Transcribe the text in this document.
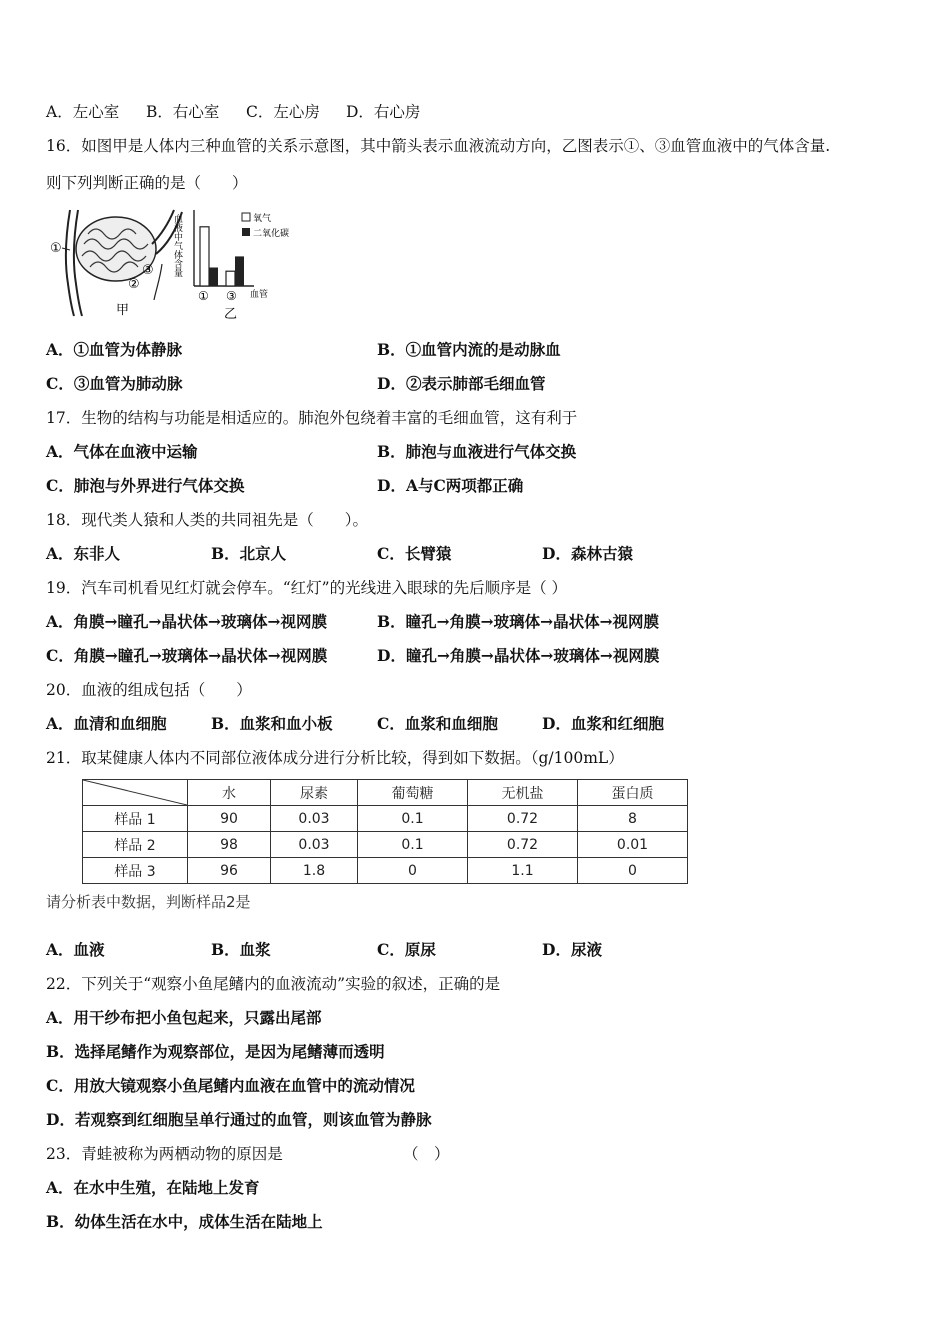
A．左心室 B．右心室 C．左心房 D．右心房
16．如图甲是人体内三种血管的关系示意图，其中箭头表示血液流动方向，乙图表示①、③血管血液中的气体含量.
则下列判断正确的是（　　）
①
②
③
甲
血液中气体含量
① ③ 血管
氧气
二氧化碳
乙
A．①血管为体静脉	B．①血管内流的是动脉血
C．③血管为肺动脉	D．②表示肺部毛细血管
17．生物的结构与功能是相适应的。肺泡外包绕着丰富的毛细血管，这有利于
A．气体在血液中运输	B．肺泡与血液进行气体交换
C．肺泡与外界进行气体交换	D．A与C两项都正确
18．现代类人猿和人类的共同祖先是（　　）。
A．东非人	B．北京人	C．长臂猿	D．森林古猿
19．汽车司机看见红灯就会停车。“红灯”的光线进入眼球的先后顺序是（ ）
A．角膜→瞳孔→晶状体→玻璃体→视网膜	B．瞳孔→角膜→玻璃体→晶状体→视网膜
C．角膜→瞳孔→玻璃体→晶状体→视网膜	D．瞳孔→角膜→晶状体→玻璃体→视网膜
20．血液的组成包括（　　）
A．血清和血细胞	B．血浆和血小板	C．血浆和血细胞	D．血浆和红细胞
21．取某健康人体内不同部位液体成分进行分析比较，得到如下数据。（g/100mL）
	水	尿素	葡萄糖	无机盐	蛋白质
样品 1	90	0.03	0.1	0.72	8
样品 2	98	0.03	0.1	0.72	0.01
样品 3	96	1.8	0	1.1	0
请分析表中数据，判断样品2是
A．血液	B．血浆	C．原尿	D．尿液
22．下列关于“观察小鱼尾鳍内的血液流动”实验的叙述，正确的是
A．用干纱布把小鱼包起来，只露出尾部
B．选择尾鳍作为观察部位，是因为尾鳍薄而透明
C．用放大镜观察小鱼尾鳍内血液在血管中的流动情况
D．若观察到红细胞呈单行通过的血管，则该血管为静脉
23．青蛙被称为两栖动物的原因是	（　）
A．在水中生殖，在陆地上发育
B．幼体生活在水中，成体生活在陆地上
